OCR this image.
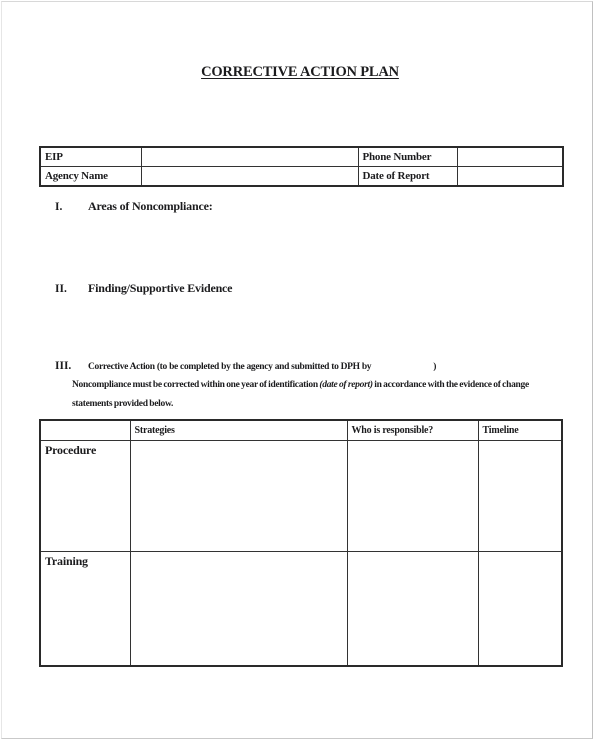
CORRECTIVE ACTION PLAN
EIP		Phone Number	
Agency Name		Date of Report	
I.	Areas of Noncompliance:
II.	Finding/Supportive Evidence
III.	Corrective Action (to be completed by the agency and submitted to DPH by	)

Noncompliance must be corrected within one year of identification (date of report) in accordance with the evidence of change statements provided below.

	Strategies	Who is responsible?	Timeline
Procedure			
Training			
